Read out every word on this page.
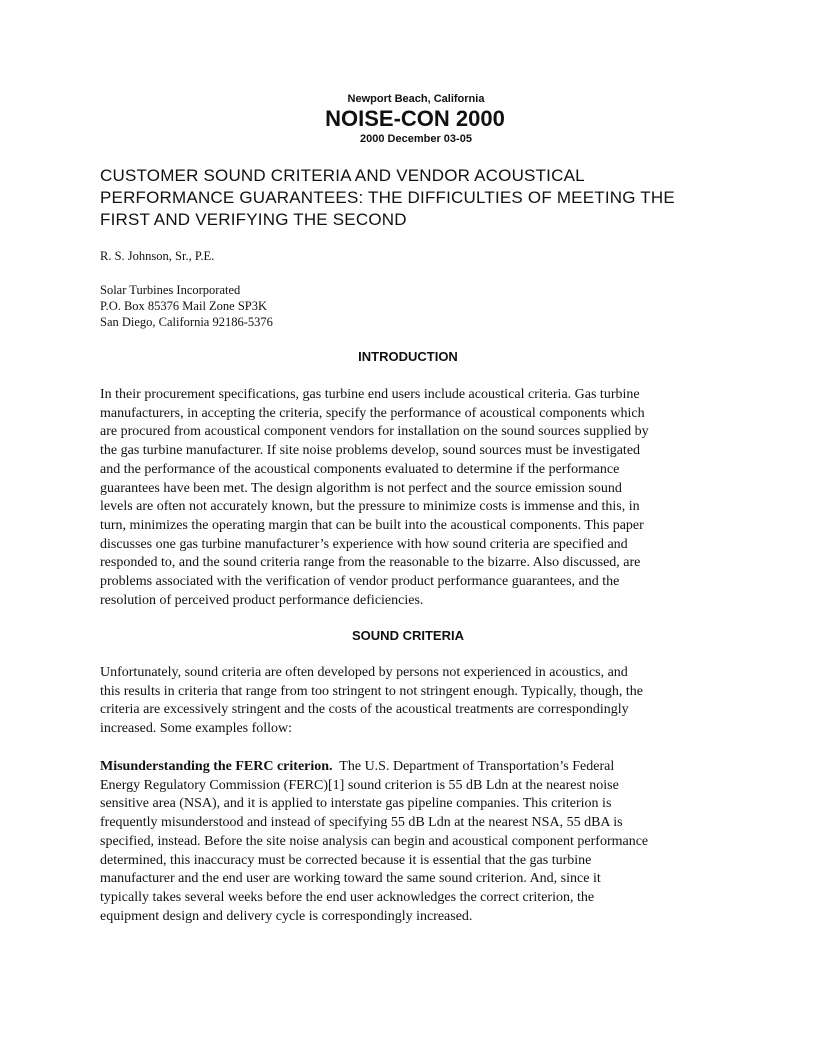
Newport Beach, California
NOISE-CON 2000
2000 December 03-05
CUSTOMER SOUND CRITERIA AND VENDOR ACOUSTICAL
PERFORMANCE GUARANTEES: THE DIFFICULTIES OF MEETING THE
FIRST AND VERIFYING THE SECOND
R. S. Johnson, Sr., P.E.
Solar Turbines Incorporated
P.O. Box 85376 Mail Zone SP3K
San Diego, California 92186-5376
INTRODUCTION

In their procurement specifications, gas turbine end users include acoustical criteria. Gas turbine
manufacturers, in accepting the criteria, specify the performance of acoustical components which
are procured from acoustical component vendors for installation on the sound sources supplied by
the gas turbine manufacturer. If site noise problems develop, sound sources must be investigated
and the performance of the acoustical components evaluated to determine if the performance
guarantees have been met. The design algorithm is not perfect and the source emission sound
levels are often not accurately known, but the pressure to minimize costs is immense and this, in
turn, minimizes the operating margin that can be built into the acoustical components. This paper
discusses one gas turbine manufacturer’s experience with how sound criteria are specified and
responded to, and the sound criteria range from the reasonable to the bizarre. Also discussed, are
problems associated with the verification of vendor product performance guarantees, and the
resolution of perceived product performance deficiencies.

SOUND CRITERIA

Unfortunately, sound criteria are often developed by persons not experienced in acoustics, and
this results in criteria that range from too stringent to not stringent enough. Typically, though, the
criteria are excessively stringent and the costs of the acoustical treatments are correspondingly
increased. Some examples follow:

Misunderstanding the FERC criterion.  The U.S. Department of Transportation’s Federal
Energy Regulatory Commission (FERC)[1] sound criterion is 55 dB Ldn at the nearest noise
sensitive area (NSA), and it is applied to interstate gas pipeline companies. This criterion is
frequently misunderstood and instead of specifying 55 dB Ldn at the nearest NSA, 55 dBA is
specified, instead. Before the site noise analysis can begin and acoustical component performance
determined, this inaccuracy must be corrected because it is essential that the gas turbine
manufacturer and the end user are working toward the same sound criterion. And, since it
typically takes several weeks before the end user acknowledges the correct criterion, the
equipment design and delivery cycle is correspondingly increased.
